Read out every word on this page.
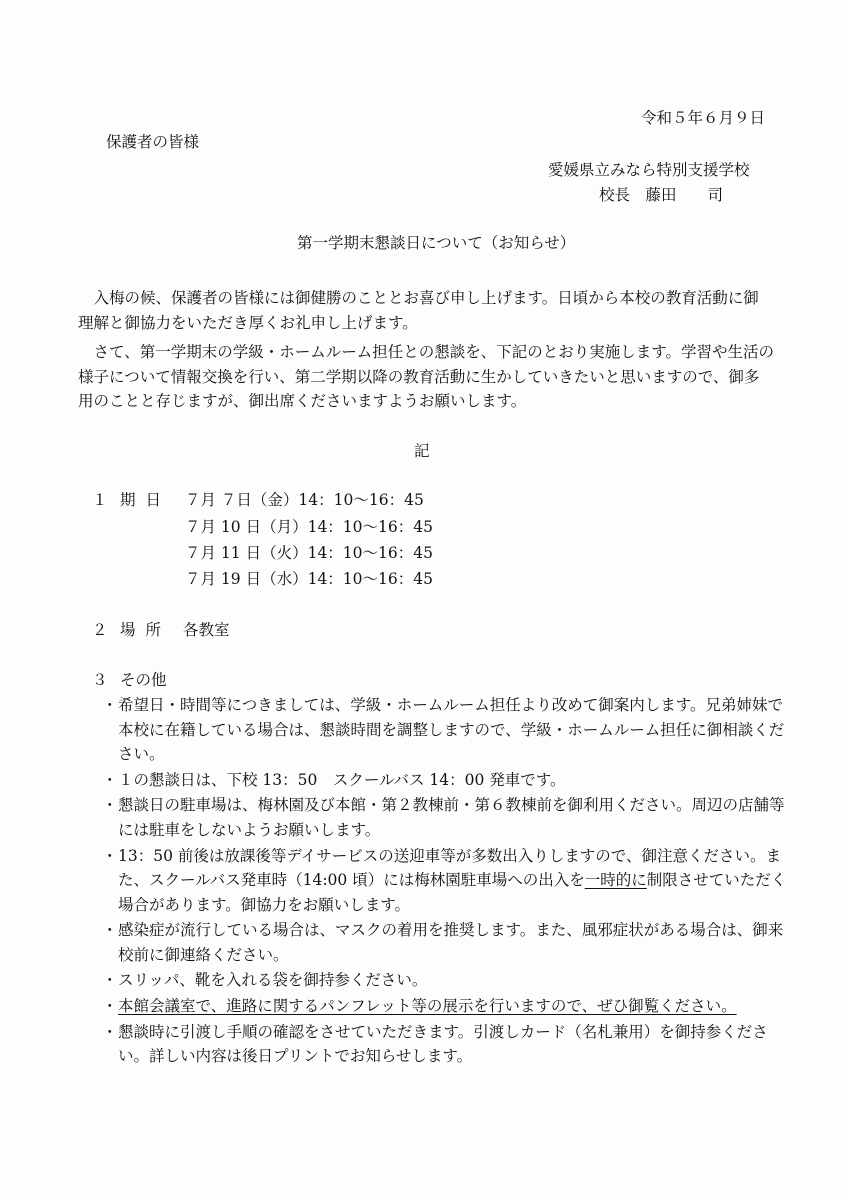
令和５年６月９日
保護者の皆様
愛媛県立みなら特別支援学校
校長　藤田　　司
第一学期末懇談日について（お知らせ）
　入梅の候、保護者の皆様には御健勝のこととお喜び申し上げます。日頃から本校の教育活動に御
理解と御協力をいただき厚くお礼申し上げます。
　さて、第一学期末の学級・ホームルーム担任との懇談を、下記のとおり実施します。学習や生活の
様子について情報交換を行い、第二学期以降の教育活動に生かしていきたいと思いますので、御多
用のことと存じますが、御出席くださいますようお願いします。
記
１ 期日 ７月 ７日（金）14：10〜16：45
７月 10 日（月）14：10〜16：45
７月 11 日（火）14：10〜16：45
７月 19 日（水）14：10〜16：45
２ 場所 各教室
３ その他
・ 希望日・時間等につきましては、学級・ホームルーム担任より改めて御案内します。兄弟姉妹で
本校に在籍している場合は、懇談時間を調整しますので、学級・ホームルーム担任に御相談くだ
さい。
・ １の懇談日は、下校 13：50　スクールバス 14：00 発車です。
・ 懇談日の駐車場は、梅林園及び本館・第２教棟前・第６教棟前を御利用ください。周辺の店舗等
には駐車をしないようお願いします。
・ 13：50 前後は放課後等デイサービスの送迎車等が多数出入りしますので、御注意ください。ま
た、スクールバス発車時（14:00 頃）には梅林園駐車場への出入を一時的に制限させていただく
場合があります。御協力をお願いします。
・ 感染症が流行している場合は、マスクの着用を推奨します。また、風邪症状がある場合は、御来
校前に御連絡ください。
・ スリッパ、靴を入れる袋を御持参ください。
・ 本館会議室で、進路に関するパンフレット等の展示を行いますので、ぜひ御覧ください。
・ 懇談時に引渡し手順の確認をさせていただきます。引渡しカード（名札兼用）を御持参くださ
い。詳しい内容は後日プリントでお知らせします。
